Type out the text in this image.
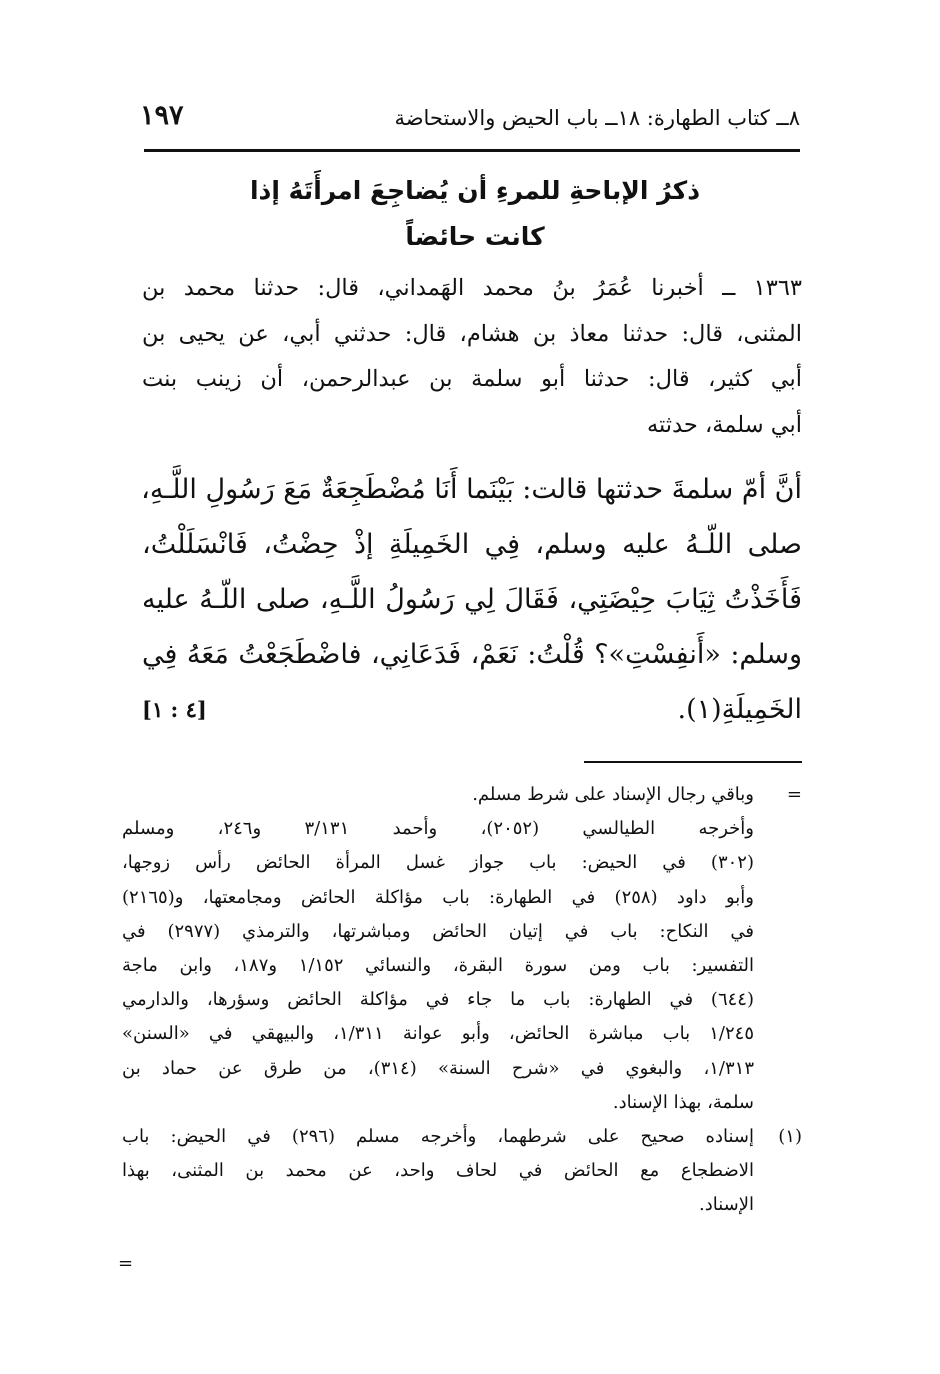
١٩٧	٨ــ كتاب الطهارة: ١٨ــ باب الحيض والاستحاضة
ذكرُ الإباحةِ للمرءِ أن يُضاجِعَ امرأَتَهُ إذا
كانت حائضاً
١٣٦٣ ــ أخبرنا عُمَرُ بنُ محمد الهَمداني، قال: حدثنا محمد بن
المثنى، قال: حدثنا معاذ بن هشام، قال: حدثني أبي، عن يحيى بن
أبي كثير، قال: حدثنا أبو سلمة بن عبدالرحمن، أن زينب بنت
أبي سلمة، حدثته
أنَّ أمّ سلمةَ حدثتها قالت: بَيْنَما أَنَا مُضْطَجِعَةٌ مَعَ رَسُولِ اللَّـهِ،
صلى اللّـهُ عليه وسلم، فِي الخَمِيلَةِ إذْ حِضْتُ، فَانْسَلَلْتُ،
فَأَخَذْتُ ثِيَابَ حِيْضَتِي، فَقَالَ لِي رَسُولُ اللَّـهِ، صلى اللّـهُ عليه
وسلم: «أَنفِسْتِ»؟ قُلْتُ: نَعَمْ، فَدَعَانِي، فاضْطَجَعْتُ مَعَهُ فِي
الخَمِيلَةِ(١).
[٤ : ١]
=
وباقي رجال الإسناد على شرط مسلم.
وأخرجه الطيالسي (٢٠٥٢)، وأحمد ٣/١٣١ و٢٤٦، ومسلم
(٣٠٢) في الحيض: باب جواز غسل المرأة الحائض رأس زوجها،
وأبو داود (٢٥٨) في الطهارة: باب مؤاكلة الحائض ومجامعتها، و(٢١٦٥)
في النكاح: باب في إتيان الحائض ومباشرتها، والترمذي (٢٩٧٧) في
التفسير: باب ومن سورة البقرة، والنسائي ١/١٥٢ و١٨٧، وابن ماجة
(٦٤٤) في الطهارة: باب ما جاء في مؤاكلة الحائض وسؤرها، والدارمي
١/٢٤٥ باب مباشرة الحائض، وأبو عوانة ١/٣١١، والبيهقي في «السنن»
١/٣١٣، والبغوي في «شرح السنة» (٣١٤)، من طرق عن حماد بن
سلمة، بهذا الإسناد.
(١)
إسناده صحيح على شرطهما، وأخرجه مسلم (٢٩٦) في الحيض: باب
الاضطجاع مع الحائض في لحاف واحد، عن محمد بن المثنى، بهذا
الإسناد.
=
